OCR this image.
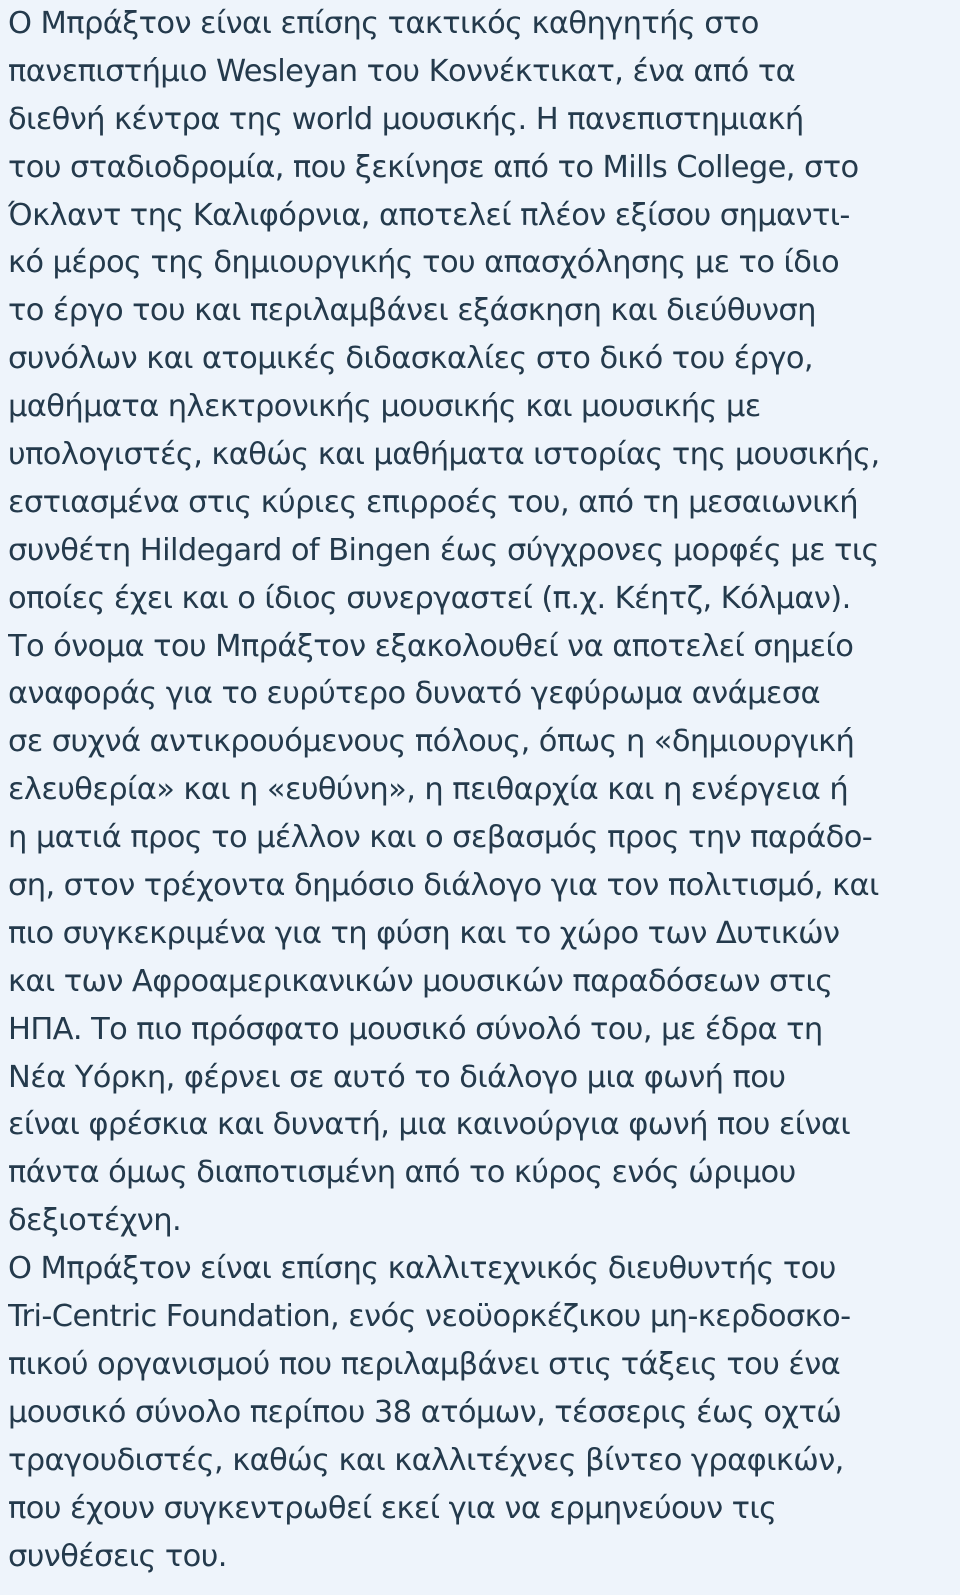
Ο Μπράξτον είναι επίσης τακτικός καθηγητής στο
πανεπιστήμιο Wesleyan του Κοννέκτικατ, ένα από τα
διεθνή κέντρα της world μουσικής. Η πανεπιστημιακή
του σταδιοδρομία, που ξεκίνησε από το Mills College, στο
Όκλαντ της Καλιφόρνια, αποτελεί πλέον εξίσου σημαντι-
κό μέρος της δημιουργικής του απασχόλησης με το ίδιο
το έργο του και περιλαμβάνει εξάσκηση και διεύθυνση
συνόλων και ατομικές διδασκαλίες στο δικό του έργο,
μαθήματα ηλεκτρονικής μουσικής και μουσικής με
υπολογιστές, καθώς και μαθήματα ιστορίας της μουσικής,
εστιασμένα στις κύριες επιρροές του, από τη μεσαιωνική
συνθέτη Hildegard of Bingen έως σύγχρονες μορφές με τις
οποίες έχει και ο ίδιος συνεργαστεί (π.χ. Κέητζ, Κόλμαν).
Το όνομα του Μπράξτον εξακολουθεί να αποτελεί σημείο
αναφοράς για το ευρύτερο δυνατό γεφύρωμα ανάμεσα
σε συχνά αντικρουόμενους πόλους, όπως η «δημιουργική
ελευθερία» και η «ευθύνη», η πειθαρχία και η ενέργεια ή
η ματιά προς το μέλλον και ο σεβασμός προς την παράδο-
ση, στον τρέχοντα δημόσιο διάλογο για τον πολιτισμό, και
πιο συγκεκριμένα για τη φύση και το χώρο των Δυτικών
και των Αφροαμερικανικών μουσικών παραδόσεων στις
ΗΠΑ. Το πιο πρόσφατο μουσικό σύνολό του, με έδρα τη
Νέα Υόρκη, φέρνει σε αυτό το διάλογο μια φωνή που
είναι φρέσκια και δυνατή, μια καινούργια φωνή που είναι
πάντα όμως διαποτισμένη από το κύρος ενός ώριμου
δεξιοτέχνη.
Ο Μπράξτον είναι επίσης καλλιτεχνικός διευθυντής του
Tri-Centric Foundation, ενός νεοϋορκέζικου μη-κερδοσκο-
πικού οργανισμού που περιλαμβάνει στις τάξεις του ένα
μουσικό σύνολο περίπου 38 ατόμων, τέσσερις έως οχτώ
τραγουδιστές, καθώς και καλλιτέχνες βίντεο γραφικών,
που έχουν συγκεντρωθεί εκεί για να ερμηνεύουν τις
συνθέσεις του.
